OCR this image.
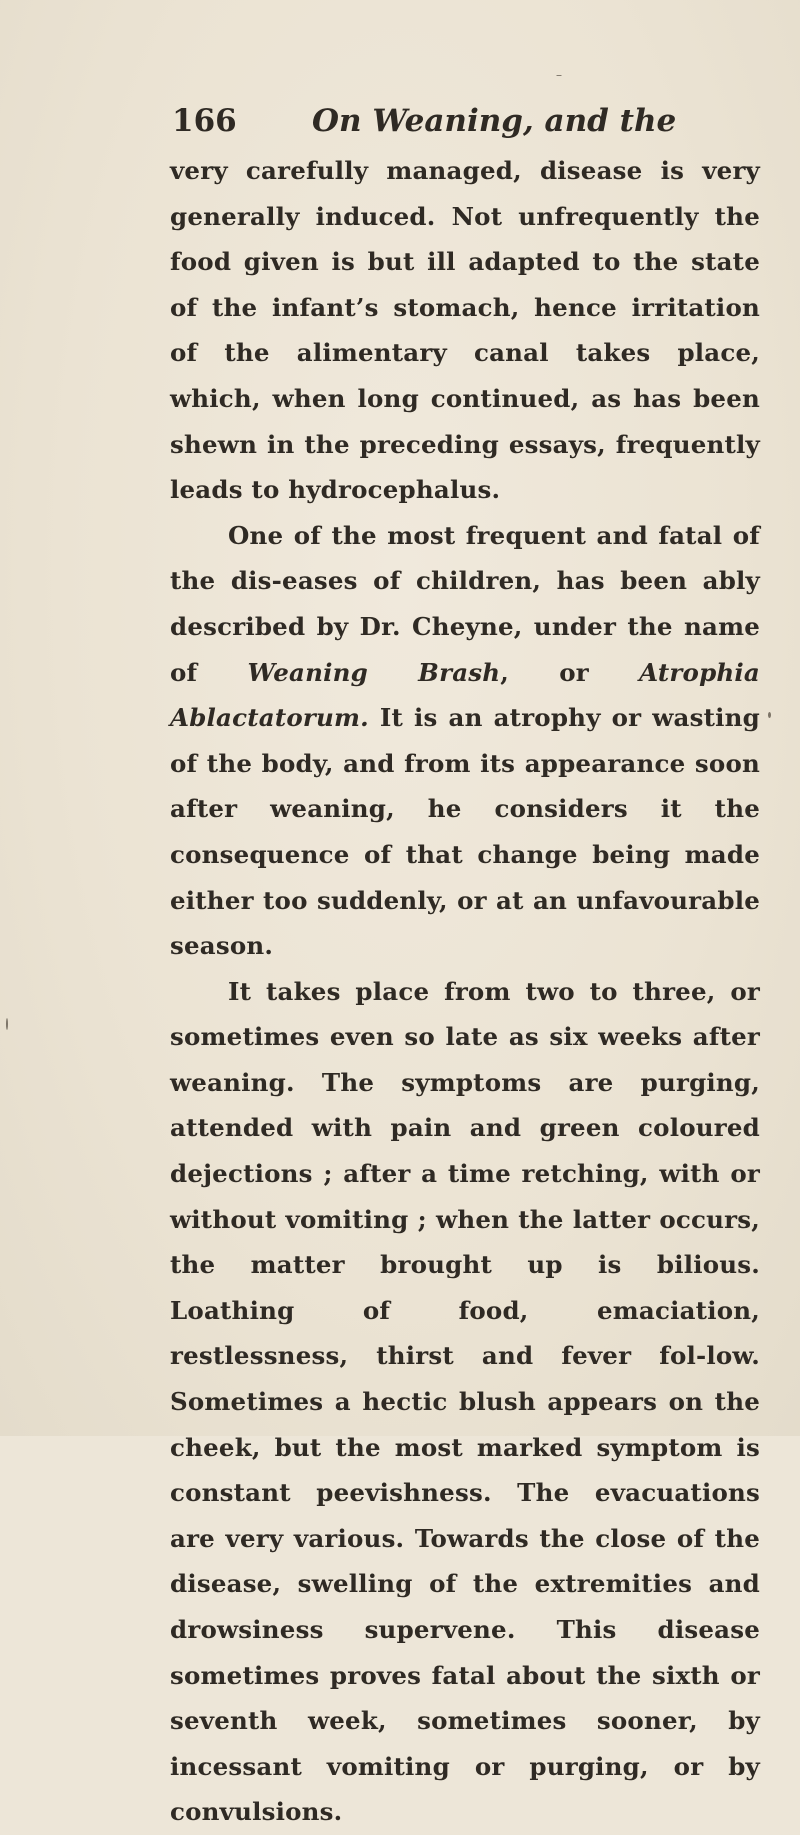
–
166 On Weaning, and the

very carefully managed, disease is very generally induced. Not unfrequently the food given is but ill adapted to the state of the infant’s stomach, hence irritation of the alimentary canal takes place, which, when long continued, as has been shewn in the preceding essays, frequently leads to hydrocephalus.

One of the most frequent and fatal of the dis-eases of children, has been ably described by Dr. Cheyne, under the name of Weaning Brash, or Atrophia Ablactatorum. It is an atrophy or wasting of the body, and from its appearance soon after weaning, he considers it the consequence of that change being made either too suddenly, or at an unfavourable season.

It takes place from two to three, or sometimes even so late as six weeks after weaning. The symptoms are purging, attended with pain and green coloured dejections ; after a time retching, with or without vomiting ; when the latter occurs, the matter brought up is bilious. Loathing of food, emaciation, restlessness, thirst and fever fol-low. Sometimes a hectic blush appears on the cheek, but the most marked symptom is constant peevishness. The evacuations are very various. Towards the close of the disease, swelling of the extremities and drowsiness supervene. This disease sometimes proves fatal about the sixth or seventh week, sometimes sooner, by incessant vomiting or purging, or by convulsions.
